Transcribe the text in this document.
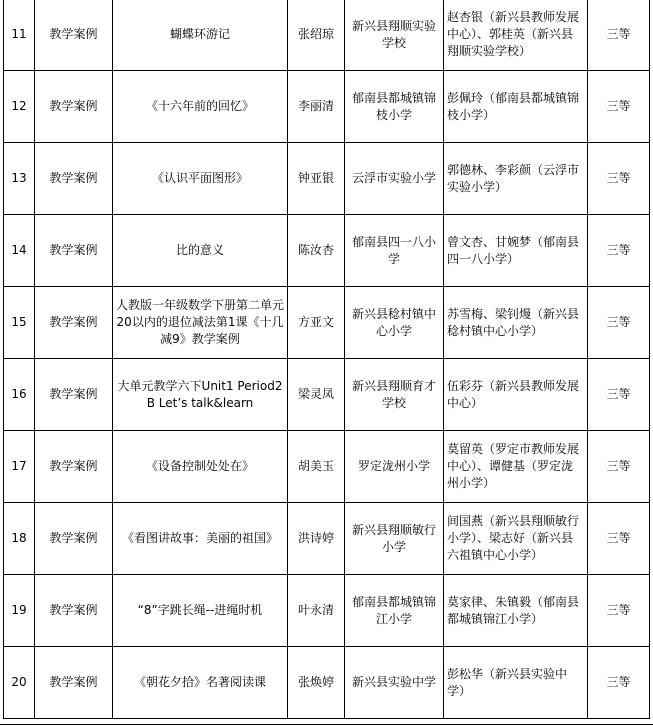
11	教学案例	蝴蝶环游记	张绍琼	新兴县翔顺实验学校	赵杏银（新兴县教师发展中心）、郭桂英（新兴县翔顺实验学校）	三等
12	教学案例	《十六年前的回忆》	李丽清	郁南县都城镇锦枝小学	彭佩玲（郁南县都城镇锦枝小学）	三等
13	教学案例	《认识平面图形》	钟亚银	云浮市实验小学	郭德林、李彩颜（云浮市实验小学）	三等
14	教学案例	比的意义	陈汝杏	郁南县四一八小学	曾文杏、甘婉梦（郁南县四一八小学）	三等
15	教学案例	人教版一年级数学下册第二单元20以内的退位减法第1课《十几减9》教学案例	方亚文	新兴县稔村镇中心小学	苏雪梅、梁钊熳（新兴县稔村镇中心小学）	三等
16	教学案例	大单元教学六下Unit1 Period2 B Let’s talk&learn	梁灵凤	新兴县翔顺育才学校	伍彩芬（新兴县教师发展中心）	三等
17	教学案例	《设备控制处处在》	胡美玉	罗定泷州小学	莫留英（罗定市教师发展中心）、谭健基（罗定泷州小学）	三等
18	教学案例	《看图讲故事：美丽的祖国》	洪诗婷	新兴县翔顺敏行小学	间国燕（新兴县翔顺敏行小学）、梁志好（新兴县六祖镇中心小学）	三等
19	教学案例	“8”字跳长绳--进绳时机	叶永清	郁南县都城镇锦江小学	莫家律、朱镇毅（郁南县都城镇锦江小学）	三等
20	教学案例	《朝花夕拾》名著阅读课	张焕婷	新兴县实验中学	彭松华（新兴县实验中学）	三等
